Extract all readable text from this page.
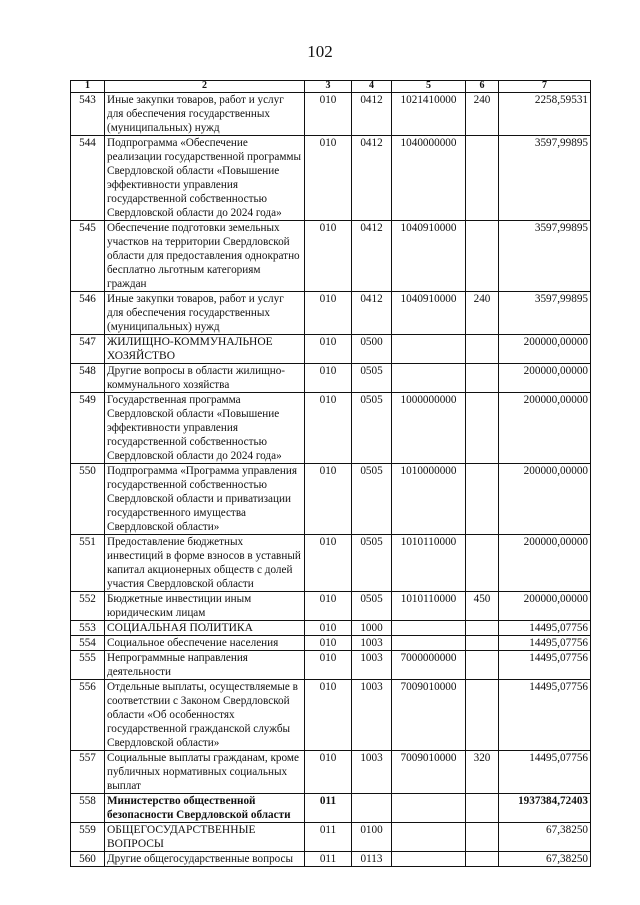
102
1	2	3	4	5	6	7
543	Иные закупки товаров, работ и услуг для обеспечения государственных (муниципальных) нужд	010	0412	1021410000	240	2258,59531
544	Подпрограмма «Обеспечение реализации государственной программы Свердловской области «Повышение эффективности управления государственной собственностью Свердловской области до 2024 года»	010	0412	1040000000		3597,99895
545	Обеспечение подготовки земельных участков на территории Свердловской области для предоставления однократно бесплатно льготным категориям граждан	010	0412	1040910000		3597,99895
546	Иные закупки товаров, работ и услуг для обеспечения государственных (муниципальных) нужд	010	0412	1040910000	240	3597,99895
547	ЖИЛИЩНО-КОММУНАЛЬНОЕ ХОЗЯЙСТВО	010	0500			200000,00000
548	Другие вопросы в области жилищно-коммунального хозяйства	010	0505			200000,00000
549	Государственная программа Свердловской области «Повышение эффективности управления государственной собственностью Свердловской области до 2024 года»	010	0505	1000000000		200000,00000
550	Подпрограмма «Программа управления государственной собственностью Свердловской области и приватизации государственного имущества Свердловской области»	010	0505	1010000000		200000,00000
551	Предоставление бюджетных инвестиций в форме взносов в уставный капитал акционерных обществ с долей участия Свердловской области	010	0505	1010110000		200000,00000
552	Бюджетные инвестиции иным юридическим лицам	010	0505	1010110000	450	200000,00000
553	СОЦИАЛЬНАЯ ПОЛИТИКА	010	1000			14495,07756
554	Социальное обеспечение населения	010	1003			14495,07756
555	Непрограммные направления деятельности	010	1003	7000000000		14495,07756
556	Отдельные выплаты, осуществляемые в соответствии с Законом Свердловской области «Об особенностях государственной гражданской службы Свердловской области»	010	1003	7009010000		14495,07756
557	Социальные выплаты гражданам, кроме публичных нормативных социальных выплат	010	1003	7009010000	320	14495,07756
558	Министерство общественной безопасности Свердловской области	011				1937384,72403
559	ОБЩЕГОСУДАРСТВЕННЫЕ ВОПРОСЫ	011	0100			67,38250
560	Другие общегосударственные вопросы	011	0113			67,38250
